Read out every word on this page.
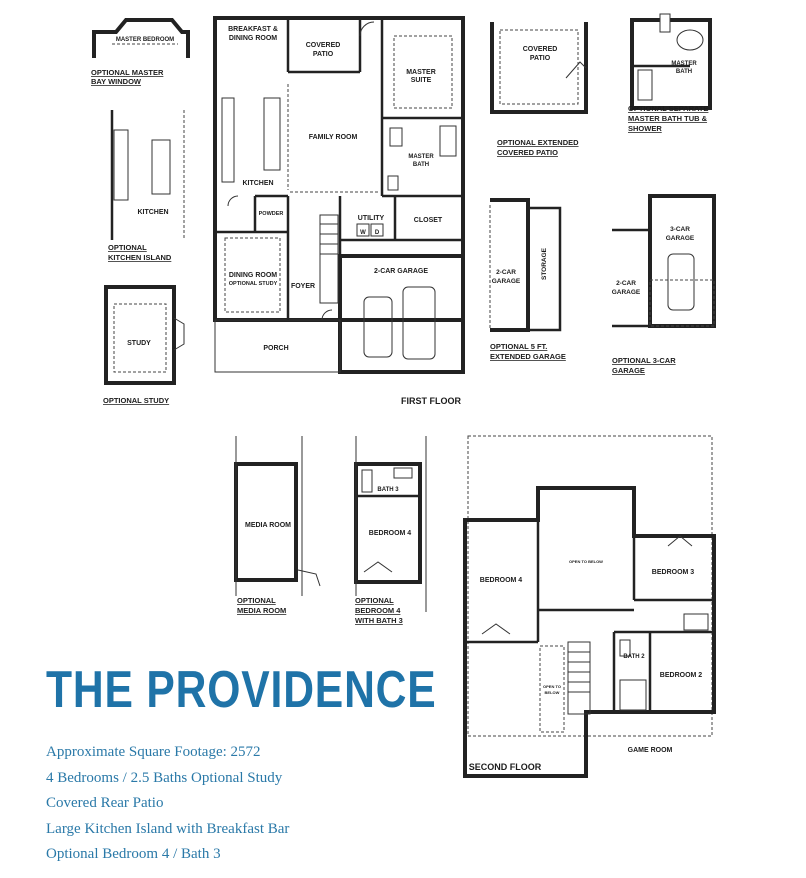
BREAKFAST &
DINING ROOM
COVERED
PATIO
MASTER
SUITE
FAMILY ROOM
MASTER
BATH
KITCHEN
POWDER
UTILITY	CLOSET
W D
DINING ROOM
OPTIONAL STUDY FOYER
2-CAR GARAGE
PORCH
FIRST FLOOR
MASTER BEDROOM
OPTIONAL MASTER
BAY WINDOW
KITCHEN
OPTIONAL
KITCHEN ISLAND
STUDY
OPTIONAL STUDY
COVERED
PATIO
OPTIONAL EXTENDED
COVERED PATIO
MASTER
BATH
OPTIONAL SEPARATE
MASTER BATH TUB &
SHOWER
2-CAR
GARAGE
STORAGE
OPTIONAL 5 FT.
EXTENDED GARAGE
3-CAR
GARAGE
2-CAR
GARAGE
OPTIONAL 3-CAR
GARAGE
MEDIA ROOM
OPTIONAL
MEDIA ROOM
BATH 3
BEDROOM 4
OPTIONAL
BEDROOM 4
WITH BATH 3
BEDROOM 4
OPEN TO BELOW
BEDROOM 3
BATH 2
BEDROOM 2
OPEN TO
BELOW
GAME ROOM
SECOND FLOOR
THE PROVIDENCE
Approximate Square Footage: 2572
4 Bedrooms / 2.5 Baths Optional Study
Covered Rear Patio
Large Kitchen Island with Breakfast Bar
Optional Bedroom 4 / Bath 3
